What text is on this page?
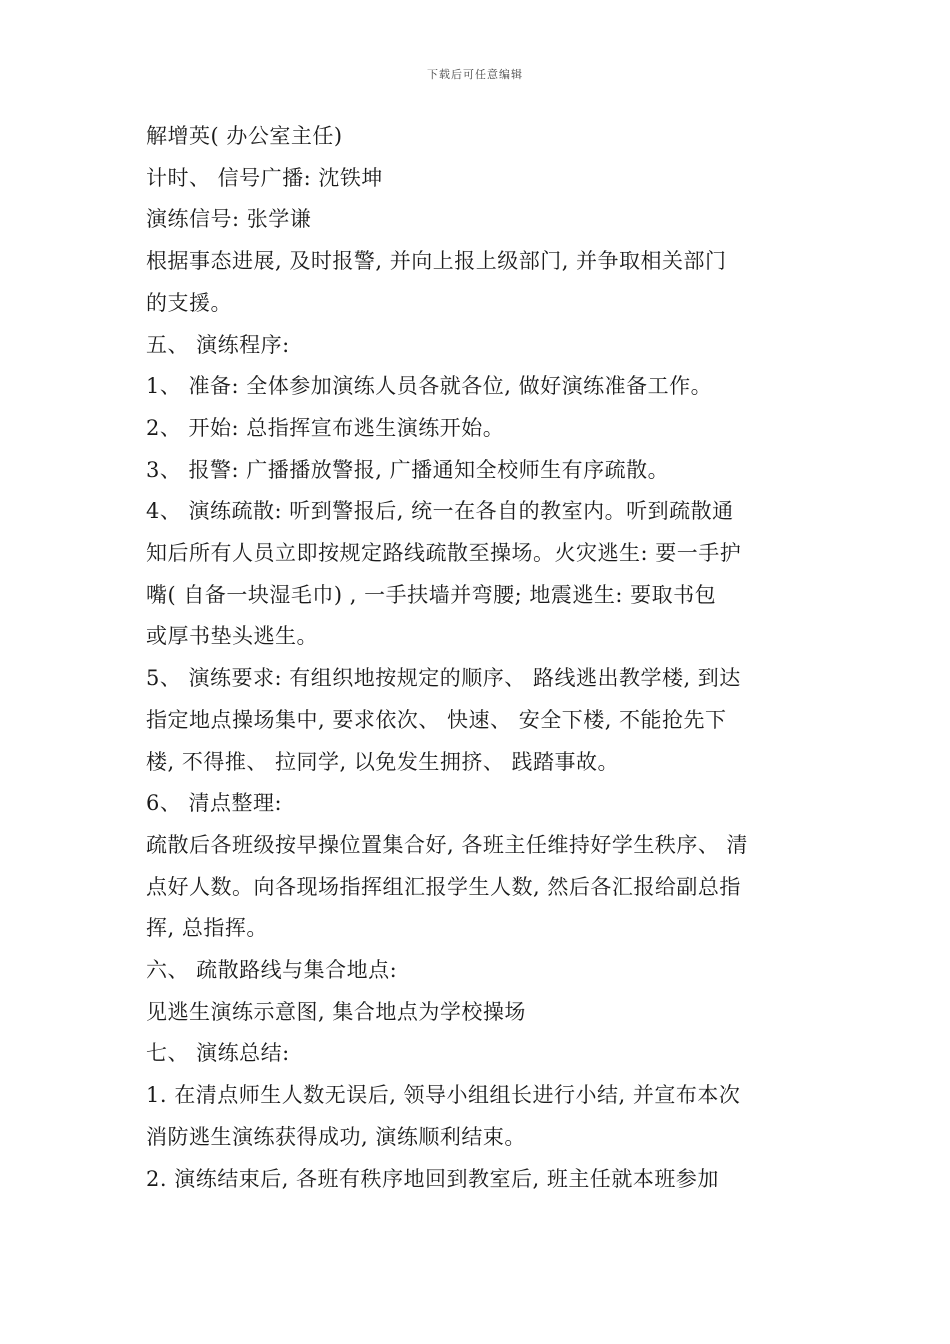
下载后可任意编辑

解增英( 办公室主任)

计时、 信号广播: 沈铁坤

演练信号: 张学谦

根据事态进展, 及时报警, 并向上报上级部门, 并争取相关部门

的支援。

五、 演练程序:

1、 准备: 全体参加演练人员各就各位, 做好演练准备工作。

2、 开始: 总指挥宣布逃生演练开始。

3、 报警: 广播播放警报, 广播通知全校师生有序疏散。

4、 演练疏散: 听到警报后, 统一在各自的教室内。听到疏散通

知后所有人员立即按规定路线疏散至操场。火灾逃生: 要一手护

嘴( 自备一块湿毛巾) , 一手扶墙并弯腰; 地震逃生: 要取书包

或厚书垫头逃生。

5、 演练要求: 有组织地按规定的顺序、 路线逃出教学楼, 到达

指定地点操场集中, 要求依次、 快速、 安全下楼, 不能抢先下

楼, 不得推、 拉同学, 以免发生拥挤、 践踏事故。

6、 清点整理:

疏散后各班级按早操位置集合好, 各班主任维持好学生秩序、 清

点好人数。向各现场指挥组汇报学生人数, 然后各汇报给副总指

挥, 总指挥。

六、 疏散路线与集合地点:

见逃生演练示意图, 集合地点为学校操场

七、 演练总结:

1. 在清点师生人数无误后, 领导小组组长进行小结, 并宣布本次

消防逃生演练获得成功, 演练顺利结束。

2. 演练结束后, 各班有秩序地回到教室后, 班主任就本班参加
